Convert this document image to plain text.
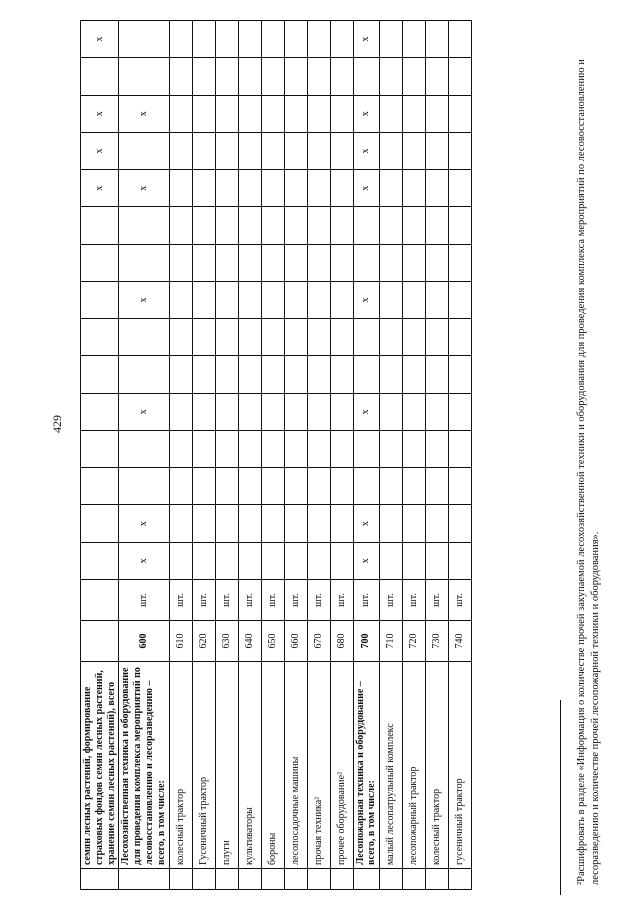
429
	семян лесных растений, формирование страховых фондов семян лесных растений, хранение семян лесных растений), всего													х	х	х		х
	Лесохозяйственная техника и оборудование для проведения комплекса мероприятий по лесовосстановлению и лесоразведению – всего, в том числе:	600	шт.	х	х			х			х			х		х		
	колесный трактор	610	шт.															
	Гусеничный трактор	620	шт.															
	плуги	630	шт.															
	культиваторы	640	шт.															
	бороны	650	шт.															
	лесопосадочные машины	660	шт.															
	прочая техника²	670	шт.															
	прочее оборудование²	680	шт.															
	Лесопожарная техника и оборудование – всего, в том числе:	700	шт.	х	х			х			х			х	х	х		х
	малый лесопатрульный комплекс	710	шт.															
	лесопожарный трактор	720	шт.															
	колесный трактор	730	шт.															
	гусеничный трактор	740	шт.																²Расшифровать в разделе «Информация о количестве прочей закупаемой лесохозяйственной техники и оборудования для проведения комплекса мероприятий по лесовосстановлению и лесоразведению и количестве прочей лесопожарной техники и оборудования».
